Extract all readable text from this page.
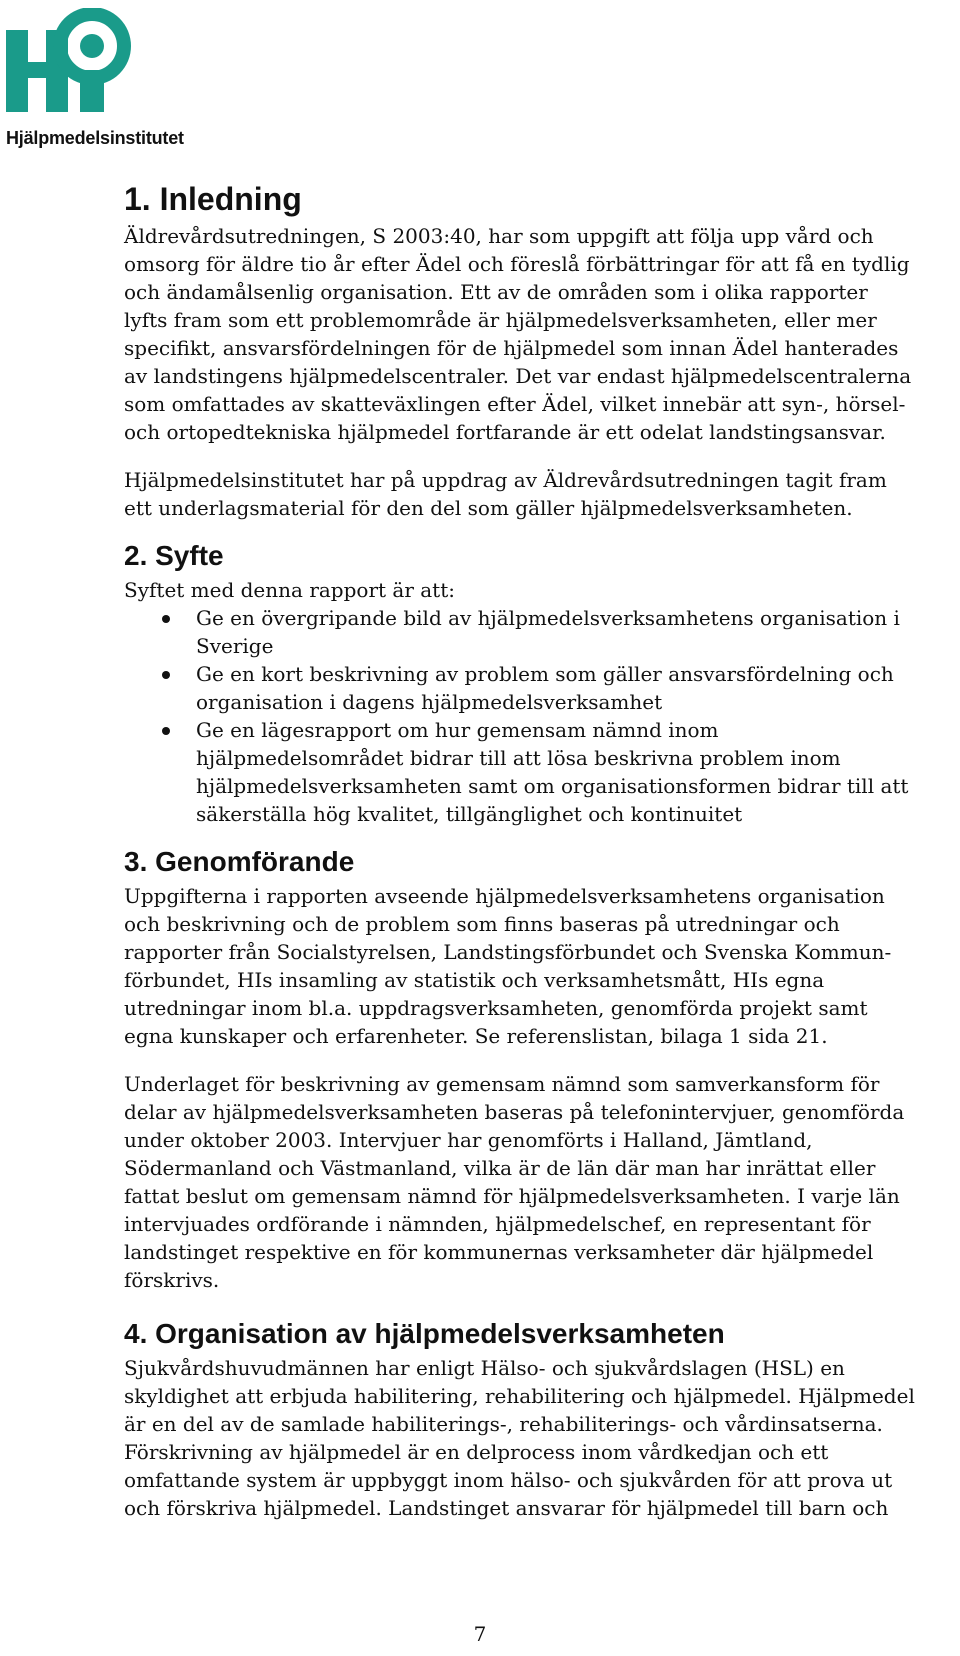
Hjälpmedelsinstitutet
1. Inledning

Äldrevårdsutredningen, S 2003:40, har som uppgift att följa upp vård och
omsorg för äldre tio år efter Ädel och föreslå förbättringar för att få en tydlig
och ändamålsenlig organisation. Ett av de områden som i olika rapporter
lyfts fram som ett problemområde är hjälpmedelsverksamheten, eller mer
specifikt, ansvarsfördelningen för de hjälpmedel som innan Ädel hanterades
av landstingens hjälpmedelscentraler. Det var endast hjälpmedelscentralerna
som omfattades av skatteväxlingen efter Ädel, vilket innebär att syn-, hörsel-
och ortopedtekniska hjälpmedel fortfarande är ett odelat landstingsansvar.

Hjälpmedelsinstitutet har på uppdrag av Äldrevårdsutredningen tagit fram
ett underlagsmaterial för den del som gäller hjälpmedelsverksamheten.

2. Syfte

Syftet med denna rapport är att:

Ge en övergripande bild av hjälpmedelsverksamhetens organisation i
Sverige
Ge en kort beskrivning av problem som gäller ansvarsfördelning och
organisation i dagens hjälpmedelsverksamhet
Ge en lägesrapport om hur gemensam nämnd inom
hjälpmedelsområdet bidrar till att lösa beskrivna problem inom
hjälpmedelsverksamheten samt om organisationsformen bidrar till att
säkerställa hög kvalitet, tillgänglighet och kontinuitet
3. Genomförande

Uppgifterna i rapporten avseende hjälpmedelsverksamhetens organisation
och beskrivning och de problem som finns baseras på utredningar och
rapporter från Socialstyrelsen, Landstingsförbundet och Svenska Kommun-
förbundet, HIs insamling av statistik och verksamhetsmått, HIs egna
utredningar inom bl.a. uppdragsverksamheten, genomförda projekt samt
egna kunskaper och erfarenheter. Se referenslistan, bilaga 1 sida 21.

Underlaget för beskrivning av gemensam nämnd som samverkansform för
delar av hjälpmedelsverksamheten baseras på telefonintervjuer, genomförda
under oktober 2003. Intervjuer har genomförts i Halland, Jämtland,
Södermanland och Västmanland, vilka är de län där man har inrättat eller
fattat beslut om gemensam nämnd för hjälpmedelsverksamheten. I varje län
intervjuades ordförande i nämnden, hjälpmedelschef, en representant för
landstinget respektive en för kommunernas verksamheter där hjälpmedel
förskrivs.

4. Organisation av hjälpmedelsverksamheten

Sjukvårdshuvudmännen har enligt Hälso- och sjukvårdslagen (HSL) en
skyldighet att erbjuda habilitering, rehabilitering och hjälpmedel. Hjälpmedel
är en del av de samlade habiliterings-, rehabiliterings- och vårdinsatserna.
Förskrivning av hjälpmedel är en delprocess inom vårdkedjan och ett
omfattande system är uppbyggt inom hälso- och sjukvården för att prova ut
och förskriva hjälpmedel. Landstinget ansvarar för hjälpmedel till barn och

7
